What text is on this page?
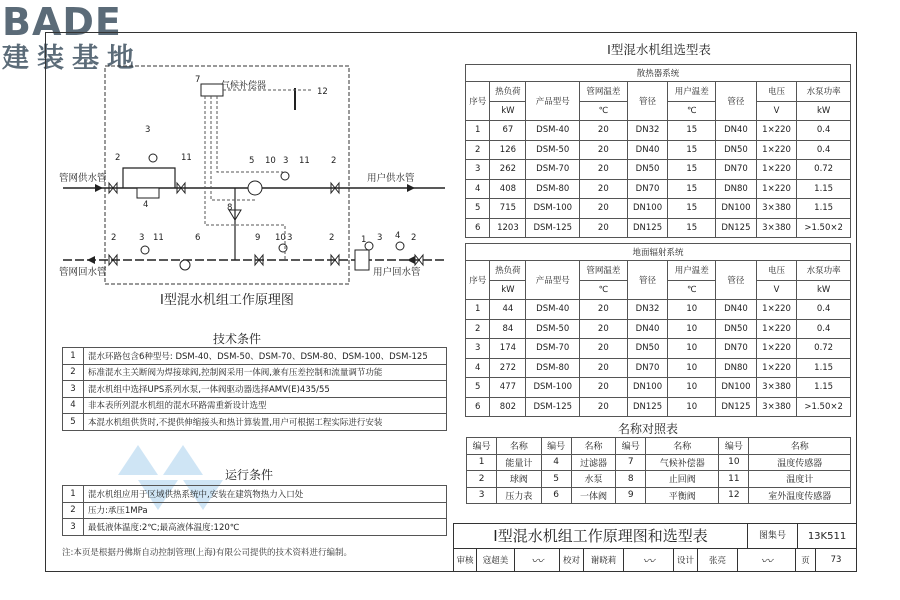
BADE
建装基地
7
12
3
2	11
4
5 10 3 11 2
8
2	3 11	6	9 10 3	2	1 3 4 2
气候补偿器
管网供水管	用户供水管
管网回水管	用户回水管
Ⅰ型混水机组工作原理图
技术条件
1	混水环路包含6种型号: DSM-40、DSM-50、DSM-70、DSM-80、DSM-100、DSM-125
2	标准混水主关断阀为焊接球阀,控制阀采用一体阀,兼有压差控制和流量调节功能
3	混水机组中选择UPS系列水泵,一体阀驱动器选择AMV(E)435/55
4	非本表所列混水机组的混水环路需重新设计选型
5	本混水机组供货时,不提供伸缩接头和热计算装置,用户可根据工程实际进行安装
运行条件
1	混水机组应用于区域供热系统中,安装在建筑物热力入口处
2	压力:承压1MPa
3	最低液体温度:2℃;最高液体温度:120℃
注:本页是根据丹佛斯自动控制管理(上海)有限公司提供的技术资料进行编制。
Ⅰ型混水机组选型表
散热器系统								
序号	热负荷	产品型号	管网温差	管径	用户温差	管径	电压	水泵功率
	kW		℃		℃		V	kW
1	67	DSM-40	20	DN32	15	DN40	1×220	0.4
2	126	DSM-50	20	DN40	15	DN50	1×220	0.4
3	262	DSM-70	20	DN50	15	DN70	1×220	0.72
4	408	DSM-80	20	DN70	15	DN80	1×220	1.15
5	715	DSM-100	20	DN100	15	DN100	3×380	1.15
6	1203	DSM-125	20	DN125	15	DN125	3×380	>1.50×2
地面辐射系统								
序号	热负荷	产品型号	管网温差	管径	用户温差	管径	电压	水泵功率
	kW		℃		℃		V	kW
1	44	DSM-40	20	DN32	10	DN40	1×220	0.4
2	84	DSM-50	20	DN40	10	DN50	1×220	0.4
3	174	DSM-70	20	DN50	10	DN70	1×220	0.72
4	272	DSM-80	20	DN70	10	DN80	1×220	1.15
5	477	DSM-100	20	DN100	10	DN100	3×380	1.15
6	802	DSM-125	20	DN125	10	DN125	3×380	>1.50×2
名称对照表
编号	名称	编号	名称	编号	名称	编号	名称
1	能量计	4	过滤器	7	气候补偿器	10	温度传感器
2	球阀	5	水泵	8	止回阀	11	温度计
3	压力表	6	一体阀	9	平衡阀	12	室外温度传感器
Ⅰ型混水机组工作原理图和选型表	图集号	13K511
审核	寇超美	〰	校对	谢晓莉	〰	设计	张亮	〰	页	73
